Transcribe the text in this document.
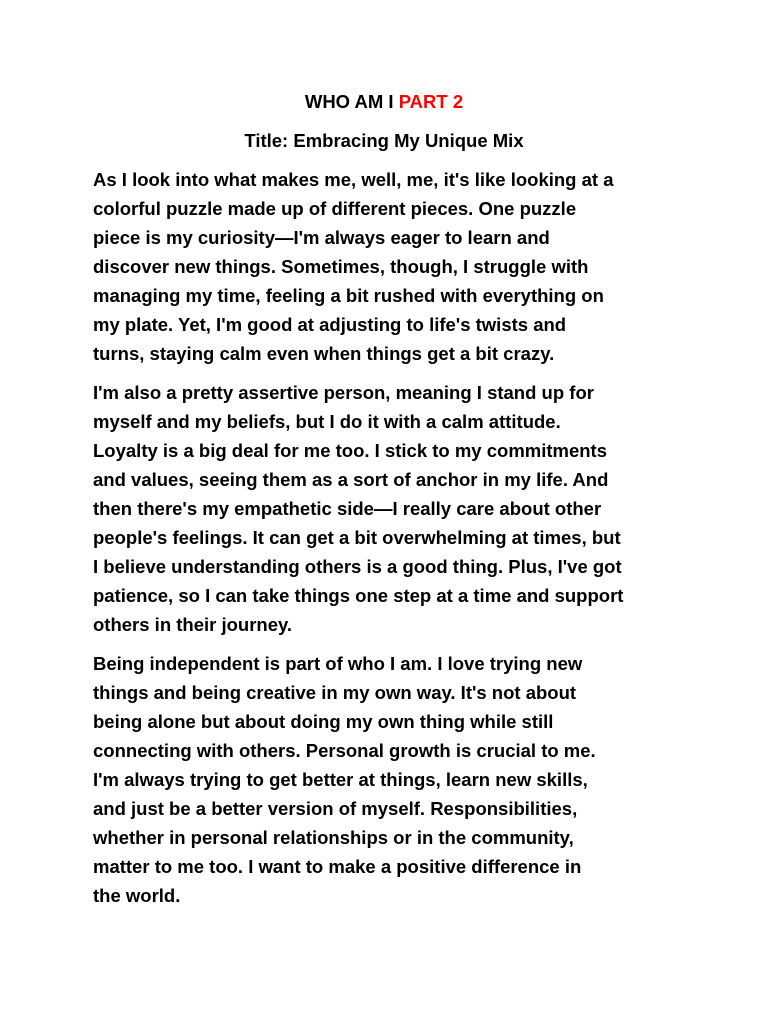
WHO AM I PART 2
Title: Embracing My Unique Mix

As I look into what makes me, well, me, it's like looking at a
colorful puzzle made up of different pieces. One puzzle
piece is my curiosity—I'm always eager to learn and
discover new things. Sometimes, though, I struggle with
managing my time, feeling a bit rushed with everything on
my plate. Yet, I'm good at adjusting to life's twists and
turns, staying calm even when things get a bit crazy.

I'm also a pretty assertive person, meaning I stand up for
myself and my beliefs, but I do it with a calm attitude.
Loyalty is a big deal for me too. I stick to my commitments
and values, seeing them as a sort of anchor in my life. And
then there's my empathetic side—I really care about other
people's feelings. It can get a bit overwhelming at times, but
I believe understanding others is a good thing. Plus, I've got
patience, so I can take things one step at a time and support
others in their journey.

Being independent is part of who I am. I love trying new
things and being creative in my own way. It's not about
being alone but about doing my own thing while still
connecting with others. Personal growth is crucial to me.
I'm always trying to get better at things, learn new skills,
and just be a better version of myself. Responsibilities,
whether in personal relationships or in the community,
matter to me too. I want to make a positive difference in
the world.
